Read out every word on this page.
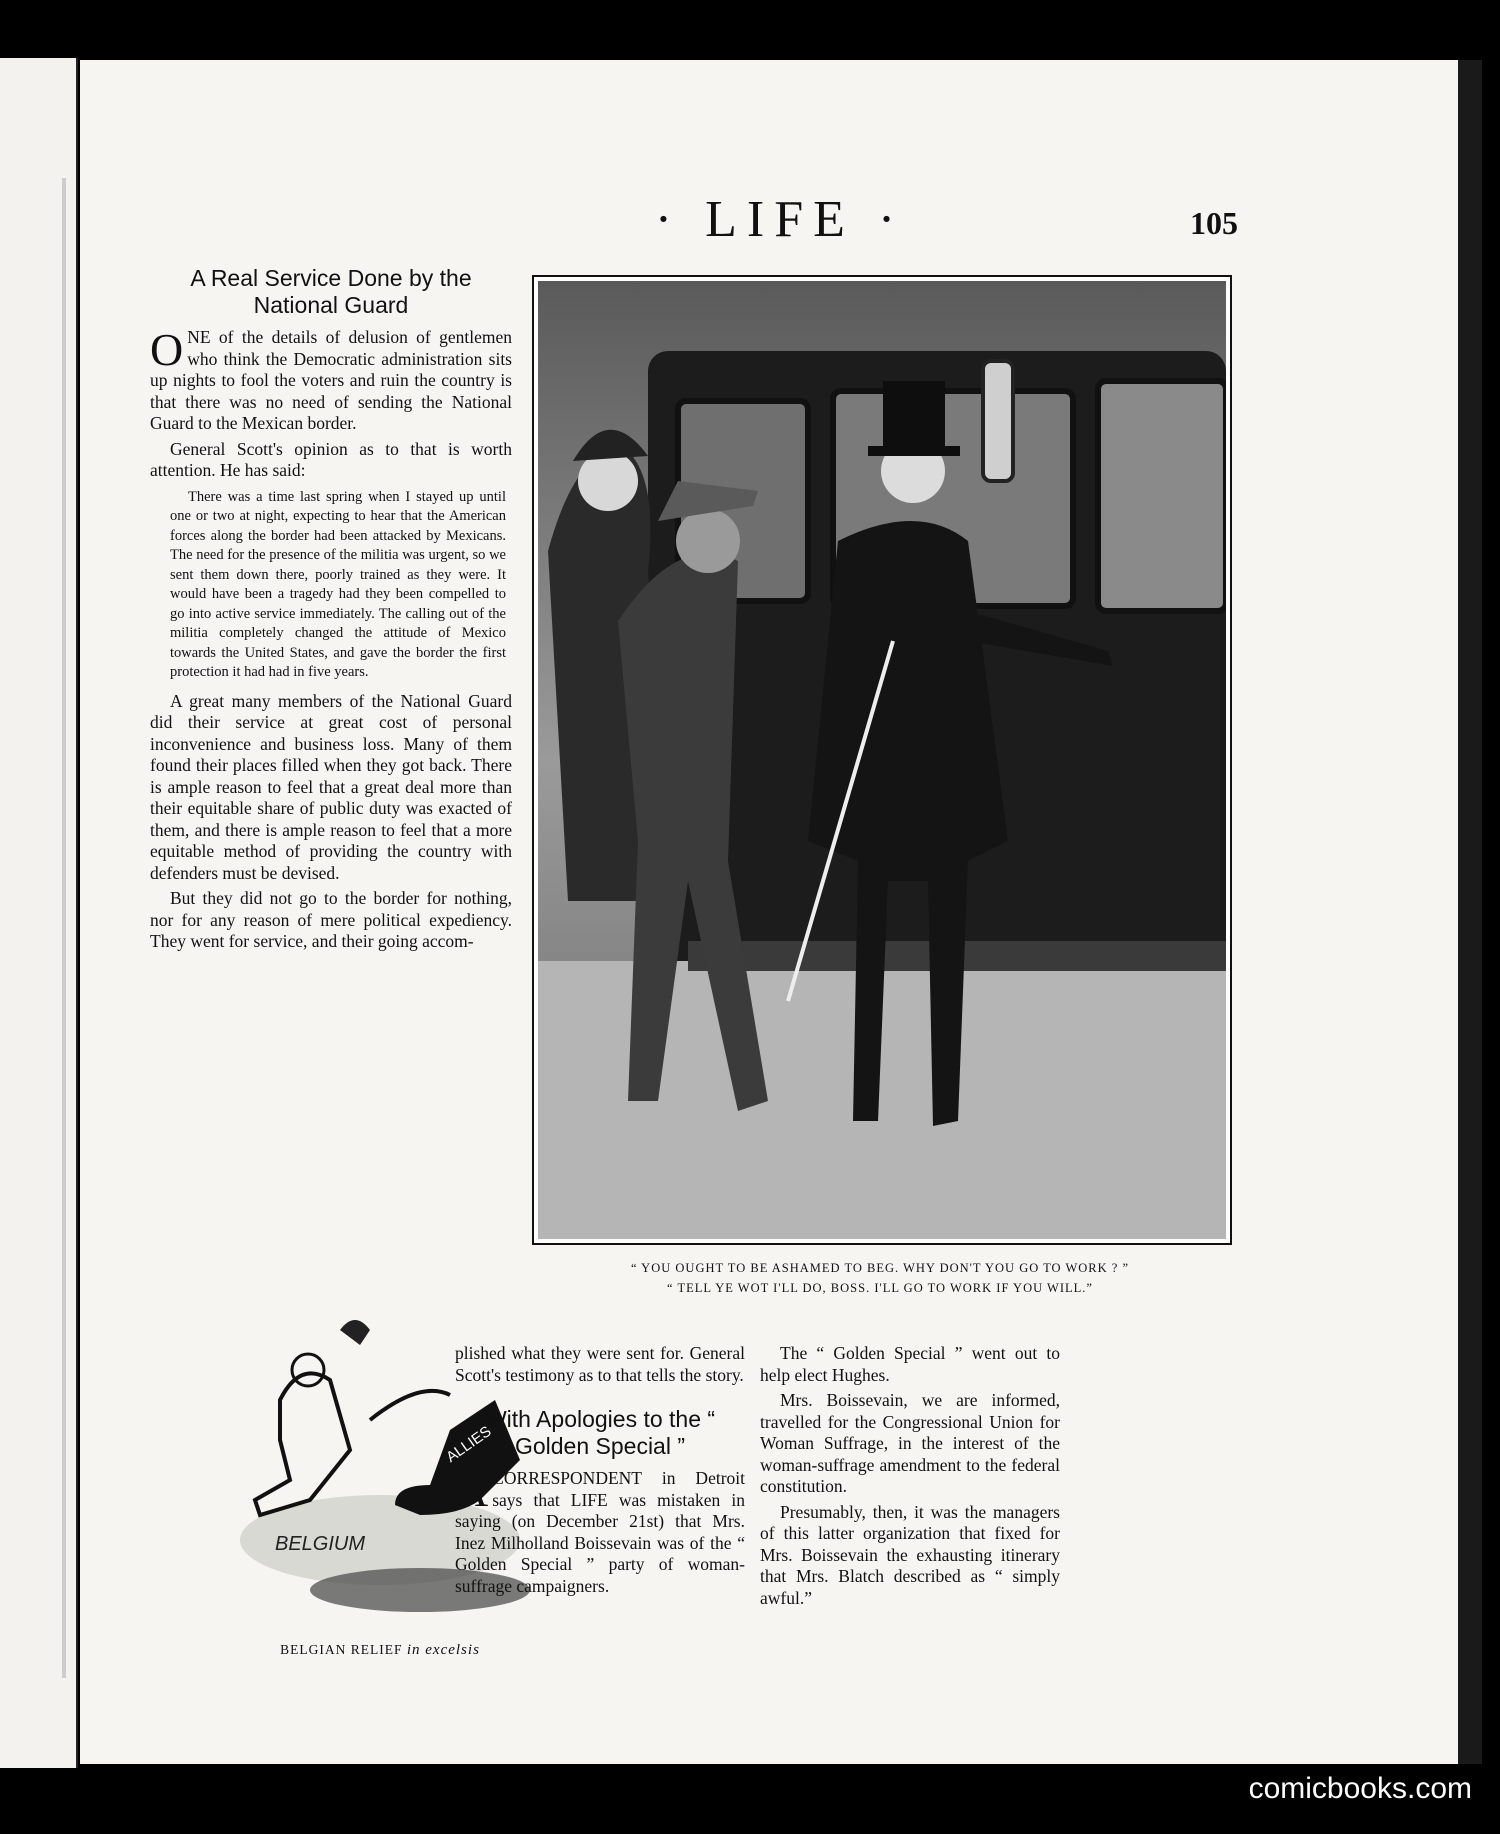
· LIFE ·	105
A Real Service Done by the National Guard

ONE of the details of delusion of gentlemen who think the Democratic administration sits up nights to fool the voters and ruin the country is that there was no need of sending the National Guard to the Mexican border.

General Scott's opinion as to that is worth attention. He has said:

There was a time last spring when I stayed up until one or two at night, expecting to hear that the American forces along the border had been attacked by Mexicans. The need for the presence of the militia was urgent, so we sent them down there, poorly trained as they were. It would have been a tragedy had they been compelled to go into active service immediately. The calling out of the militia completely changed the attitude of Mexico towards the United States, and gave the border the first protection it had had in five years.

A great many members of the National Guard did their service at great cost of personal inconvenience and business loss. Many of them found their places filled when they got back. There is ample reason to feel that a great deal more than their equitable share of public duty was exacted of them, and there is ample reason to feel that a more equitable method of providing the country with defenders must be devised.

But they did not go to the border for nothing, nor for any reason of mere political expediency. They went for service, and their going accom-

“ YOU OUGHT TO BE ASHAMED TO BEG. WHY DON'T YOU GO TO WORK ? ”
“ TELL YE WOT I'LL DO, BOSS. I'LL GO TO WORK IF YOU WILL.”
ALLIES
BELGIUM
BELGIAN RELIEF in excelsis

plished what they were sent for. General Scott's testimony as to that tells the story.

With Apologies to the “ Golden Special ”

ACORRESPONDENT in Detroit says that LIFE was mistaken in saying (on December 21st) that Mrs. Inez Milholland Boissevain was of the “ Golden Special ” party of woman-suffrage campaigners.

The “ Golden Special ” went out to help elect Hughes.

Mrs. Boissevain, we are informed, travelled for the Congressional Union for Woman Suffrage, in the interest of the woman-suffrage amendment to the federal constitution.

Presumably, then, it was the managers of this latter organization that fixed for Mrs. Boissevain the exhausting itinerary that Mrs. Blatch described as “ simply awful.”

comicbooks.com
